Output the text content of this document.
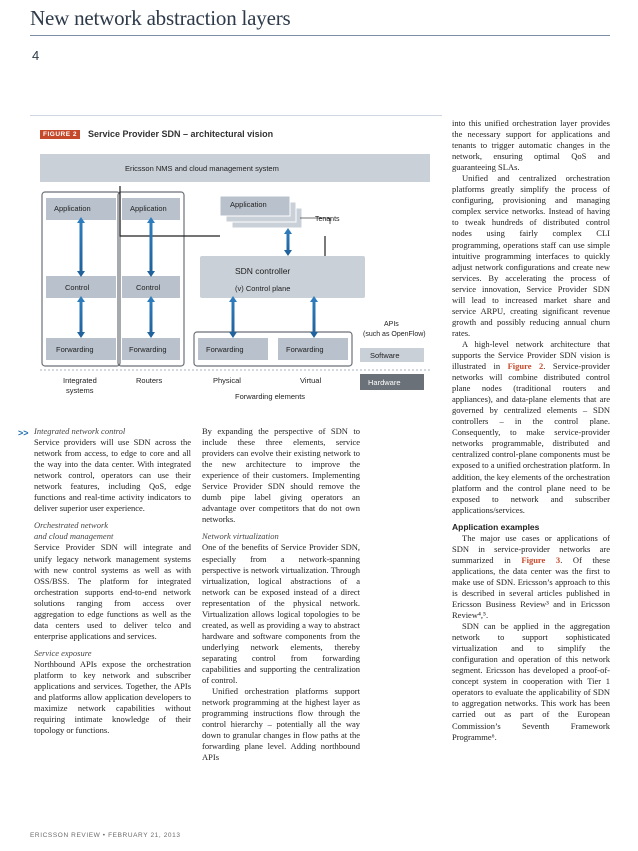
New network abstraction layers
4
FIGURE 2	Service Provider SDN – architectural vision
Ericsson NMS and cloud management system
Application	Application	Application
Tenants
Control	Control
SDN controller
(v) Control plane
Forwarding	Forwarding	Forwarding	Forwarding
APIs
(such as OpenFlow)
Software
Hardware
Integrated
systems
Routers	Physical	Virtual
Forwarding elements
>> Integrated network control

Service providers will use SDN across the network from access, to edge to core and all the way into the data center. With integrated network control, operators can use their network features, including QoS, edge functions and real-time activity indicators to deliver superior user experience.

Orchestrated network
and cloud management

Service Provider SDN will integrate and unify legacy network management systems with new control systems as well as with OSS/BSS. The platform for integrated orchestration supports end-to-end network solutions ranging from access over aggregation to edge functions as well as the data centers used to deliver telco and enterprise applications and services.

Service exposure

Northbound APIs expose the orchestration platform to key network and subscriber applications and services. Together, the APIs and platforms allow application developers to maximize network capabilities without requiring intimate knowledge of their topology or functions.

By expanding the perspective of SDN to include these three elements, service providers can evolve their existing network to the new architecture to improve the experience of their customers. Implementing Service Provider SDN should remove the dumb pipe label giving operators an advantage over competitors that do not own networks.

Network virtualization

One of the benefits of Service Provider SDN, especially from a network-spanning perspective is network virtualization. Through virtualization, logical abstractions of a network can be exposed instead of a direct representation of the physical network. Virtualization allows logical topologies to be created, as well as providing a way to abstract hardware and software components from the underlying network elements, thereby separating control from forwarding capabilities and supporting the centralization of control.

Unified orchestration platforms support network programming at the highest layer as programming instructions flow through the control hierarchy – potentially all the way down to granular changes in flow paths at the forwarding plane level. Adding northbound APIs

into this unified orchestration layer provides the necessary support for applications and tenants to trigger automatic changes in the network, ensuring optimal QoS and guaranteeing SLAs.

Unified and centralized orchestration platforms greatly simplify the process of configuring, provisioning and managing complex service networks. Instead of having to tweak hundreds of distributed control nodes using fairly complex CLI programming, operations staff can use simple intuitive programming interfaces to quickly adjust network configurations and create new services. By accelerating the process of service innovation, Service Provider SDN will lead to increased market share and service ARPU, creating significant revenue growth and possibly reducing annual churn rates.

A high-level network architecture that supports the Service Provider SDN vision is illustrated in Figure 2. Service-provider networks will combine distributed control plane nodes (traditional routers and appliances), and data-plane elements that are governed by centralized elements – SDN controllers – in the control plane. Consequently, to make service-provider networks programmable, distributed and centralized control-plane components must be exposed to a unified orchestration platform. In addition, the key elements of the orchestration platform and the control plane need to be exposed to network and subscriber applications/services.

Application examples

The major use cases or applications of SDN in service-provider networks are summarized in Figure 3. Of these applications, the data center was the first to make use of SDN. Ericsson’s approach to this is described in several articles published in Ericsson Business Review³ and in Ericsson Review⁴,⁵.

SDN can be applied in the aggregation network to support sophisticated virtualization and to simplify the configuration and operation of this network segment. Ericsson has developed a proof-of-concept system in cooperation with Tier 1 operators to evaluate the applicability of SDN to aggregation networks. This work has been carried out as part of the European Commission’s Seventh Framework Programme⁶.

ERICSSON REVIEW • FEBRUARY 21, 2013
